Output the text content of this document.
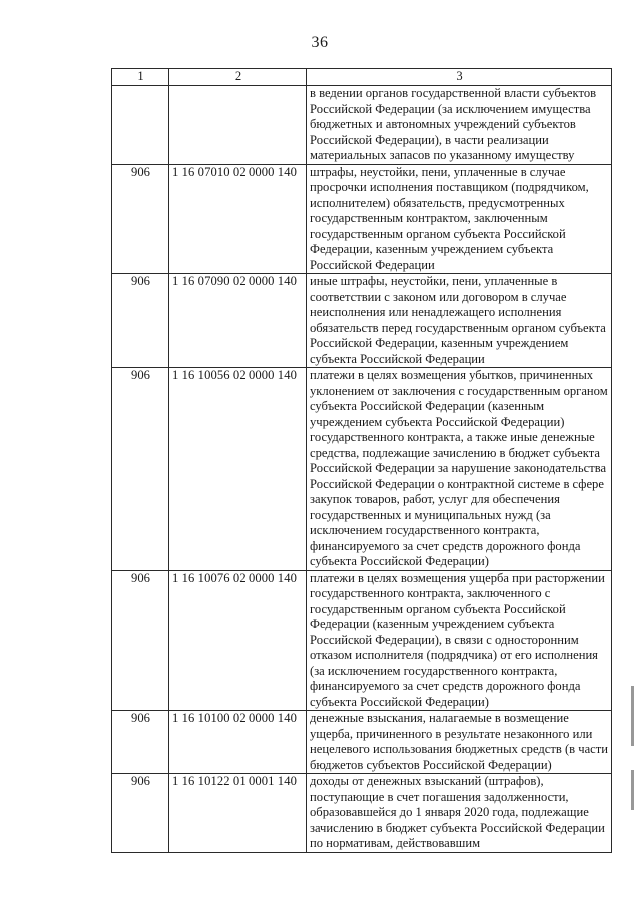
36
1	2	3
		в ведении органов государственной власти субъектов Российской Федерации (за исключением имущества бюджетных и автономных учреждений субъектов Российской Федерации), в части реализации материальных запасов по указанному имуществу
906	1 16 07010 02 0000 140	штрафы, неустойки, пени, уплаченные в случае просрочки исполнения поставщиком (подрядчиком, исполнителем) обязательств, предусмотренных государственным контрактом, заключенным государственным органом субъекта Российской Федерации, казенным учреждением субъекта Российской Федерации
906	1 16 07090 02 0000 140	иные штрафы, неустойки, пени, уплаченные в соответствии с законом или договором в случае неисполнения или ненадлежащего исполнения обязательств перед государственным органом субъекта Российской Федерации, казенным учреждением субъекта Российской Федерации
906	1 16 10056 02 0000 140	платежи в целях возмещения убытков, причиненных уклонением от заключения с государственным органом субъекта Российской Федерации (казенным учреждением субъекта Российской Федерации) государственного контракта, а также иные денежные средства, подлежащие зачислению в бюджет субъекта Российской Федерации за нарушение законодательства Российской Федерации о контрактной системе в сфере закупок товаров, работ, услуг для обеспечения государственных и муниципальных нужд (за исключением государственного контракта, финансируемого за счет средств дорожного фонда субъекта Российской Федерации)
906	1 16 10076 02 0000 140	платежи в целях возмещения ущерба при расторжении государственного контракта, заключенного с государственным органом субъекта Российской Федерации (казенным учреждением субъекта Российской Федерации), в связи с односторонним отказом исполнителя (подрядчика) от его исполнения (за исключением государственного контракта, финансируемого за счет средств дорожного фонда субъекта Российской Федерации)
906	1 16 10100 02 0000 140	денежные взыскания, налагаемые в возмещение ущерба, причиненного в результате незаконного или нецелевого использования бюджетных средств (в части бюджетов субъектов Российской Федерации)
906	1 16 10122 01 0001 140	доходы от денежных взысканий (штрафов), поступающие в счет погашения задолженности, образовавшейся до 1 января 2020 года, подлежащие зачислению в бюджет субъекта Российской Федерации по нормативам, действовавшим
